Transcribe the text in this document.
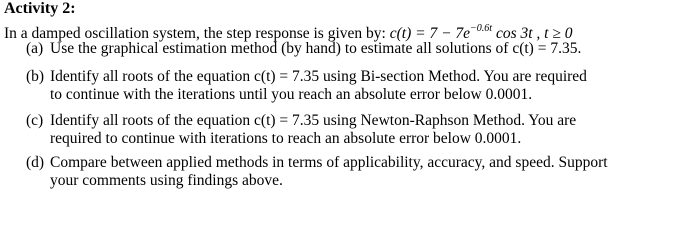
Activity 2:
In a damped oscillation system, the step response is given by: $c(t) = 7 - 7e^{-0.6t}$ cos 3t , t ≥ 0
(a) Use the graphical estimation method (by hand) to estimate all solutions of c(t) = 7.35.
(b) Identify all roots of the equation c(t) = 7.35 using Bi-section Method. You are required
to continue with the iterations until you reach an absolute error below 0.0001.
(c) Identify all roots of the equation c(t) = 7.35 using Newton-Raphson Method. You are
required to continue with iterations to reach an absolute error below 0.0001.
(d) Compare between applied methods in terms of applicability, accuracy, and speed. Support
your comments using findings above.
